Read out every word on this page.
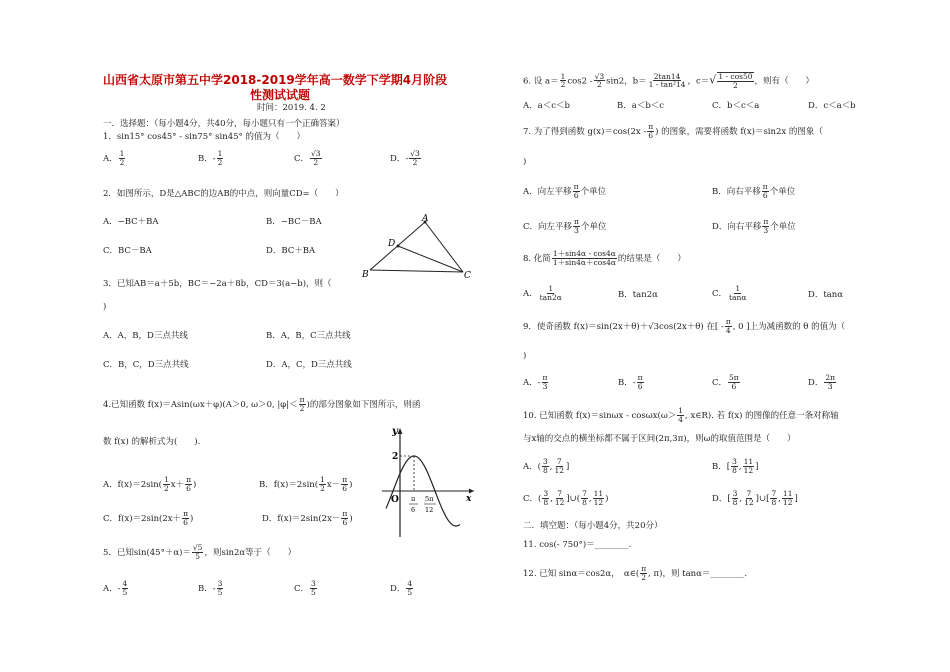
山西省太原市第五中学2018-2019学年高一数学下学期4月阶段
性测试试题
时间：2019. 4. 2
一．选择题：（每小题4分，共40分，每小题只有一个正确答案）
1．sin15° cos45° - sin75° sin45° 的值为（　　）
A． $\frac{1}{2}$	B．- $\frac{1}{2}$	C． $\frac{√3}{2}$	D．- $\frac{√3}{2}$
2．如图所示，D是△ABC的边AB的中点，则向量CD=（　　）
A．−BC＋BA	B．−BC－BA
C．BC－BA	D．BC＋BA
A
D
B	C
3．已知AB＝a＋5b，BC＝−2a＋8b，CD＝3(a−b)，则（
)
A．A，B，D三点共线	B．A，B，C三点共线
C．B，C，D三点共线	D．A，C，D三点共线
4.已知函数 f(x)＝Asin(ωx＋φ)(A＞0, ω＞0, $|\varphi|< \frac{\pi}{2}$ )的部分图象如下图所示，则函
数 f(x) 的解析式为(　　).
A．$f(x)=2\sin( \frac{1}{2} x+ \frac{\pi}{6}$ )	B．$f(x)=2\sin( \frac{1}{2} x- \frac{\pi}{6}$ )
C．$f(x)=2\sin(2x+ \frac{\pi}{6}$ )	D．$f(x)=2\sin(2x- \frac{\pi}{6}$ )
y
x
O
2
π
6
5π
12
5．已知$\sin(45^\circ+\alpha)= \frac{√5}{5}$ ，则sin2α等于（　　）
A．- $\frac{4}{5}$	B．- $\frac{3}{5}$	C． $\frac{3}{5}$	D． $\frac{4}{5}$
6. 设 $a= \frac{1}{2} \cos 2 - \frac{√3}{2} \sin 2$，$b= \frac{2\tan 14}{\text{1 - tan²14}}$ ，$c=√ \frac{1 - \cos 50}{2}$ ，则有（　　）
A．a＜c＜b	B．a＜b＜c	C．b＜c＜a	D．c＜a＜b
7. 为了得到函数 $g(x)=\cos(2x - \frac{\pi}{6}$ ) 的图象，需要将函数 f(x)＝sin2x 的图象（
)
A．向左平移 $\frac{\pi}{6}$ 个单位	B．向右平移 $\frac{\pi}{6}$ 个单位
C．向左平移 $\frac{\pi}{3}$ 个单位	D．向右平移 $\frac{\pi}{3}$ 个单位
8. 化简 $\frac{1+\sin 4\alpha - \cos 4\alpha}{1+\sin 4\alpha+\cos 4\alpha}$ 的结果是（　　）
A． $\frac{1}{\tan 2\alpha}$	B．tan2α	C． $\frac{1}{\tan\alpha}$	D．tanα
9．使奇函数 f(x)＝sin(2x＋θ)＋√3cos(2x＋θ) 在[ - $\frac{\pi}{4}$ , 0 ]上为减函数的 θ 的值为（
)
A．- $\frac{\pi}{3}$	B．- $\frac{\pi}{6}$	C． $\frac{5\pi}{6}$	D． $\frac{2\pi}{3}$
10. 已知函数 $f(x)=\sin\omega x - \cos\omega x(\omega> \frac{1}{4}$ , x∈R). 若 f(x) 的图像的任意一条对称轴
与x轴的交点的横坐标都不属于区间(2π,3π)，则ω的取值范围是（　　）
A．( $\frac{3}{8}$ , $\frac{7}{12}$ ]	B．[ $\frac{3}{8}$ , $\frac{11}{12}$ ]
C．( $\frac{3}{8}$ , $\frac{7}{12}$ ]∪( $\frac{7}{8}$ , $\frac{11}{12}$ )	D．[ $\frac{3}{8}$ , $\frac{7}{12}$ ]∪[ $\frac{7}{8}$ , $\frac{11}{12}$ ]
二．填空题：（每小题4分，共20分）
11. cos(- 750°)＝________.
12. 已知 sinα＝cos2α，　α∈( $\frac{\pi}{2}$ , π)，则 tanα＝________.
